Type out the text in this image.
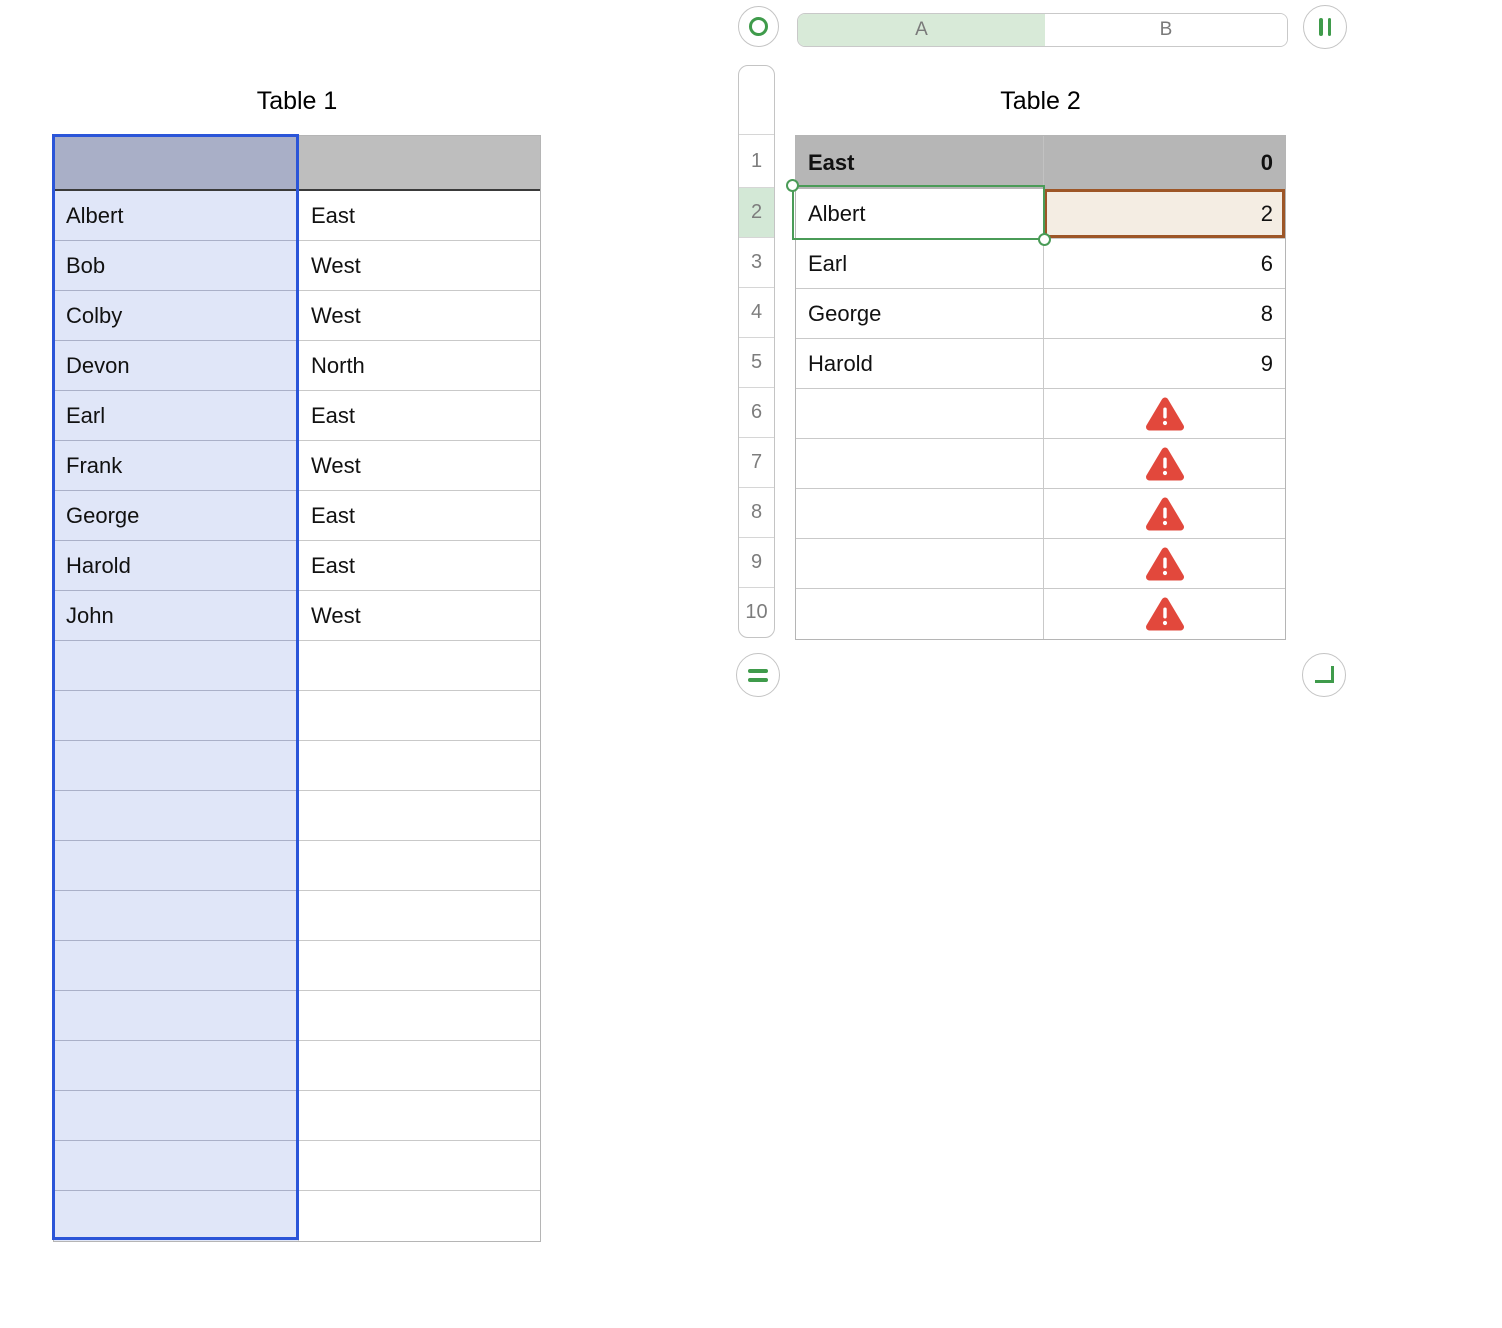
Table 1
Albert	East
Bob	West
Colby	West
Devon	North
Earl	East
Frank	West
George	East
Harold	East
John	West
A	B
1
2
3
4
5
6
7
8
9
10
Table 2
East	0
Albert	2
Earl	6
George	8
Harold	9
